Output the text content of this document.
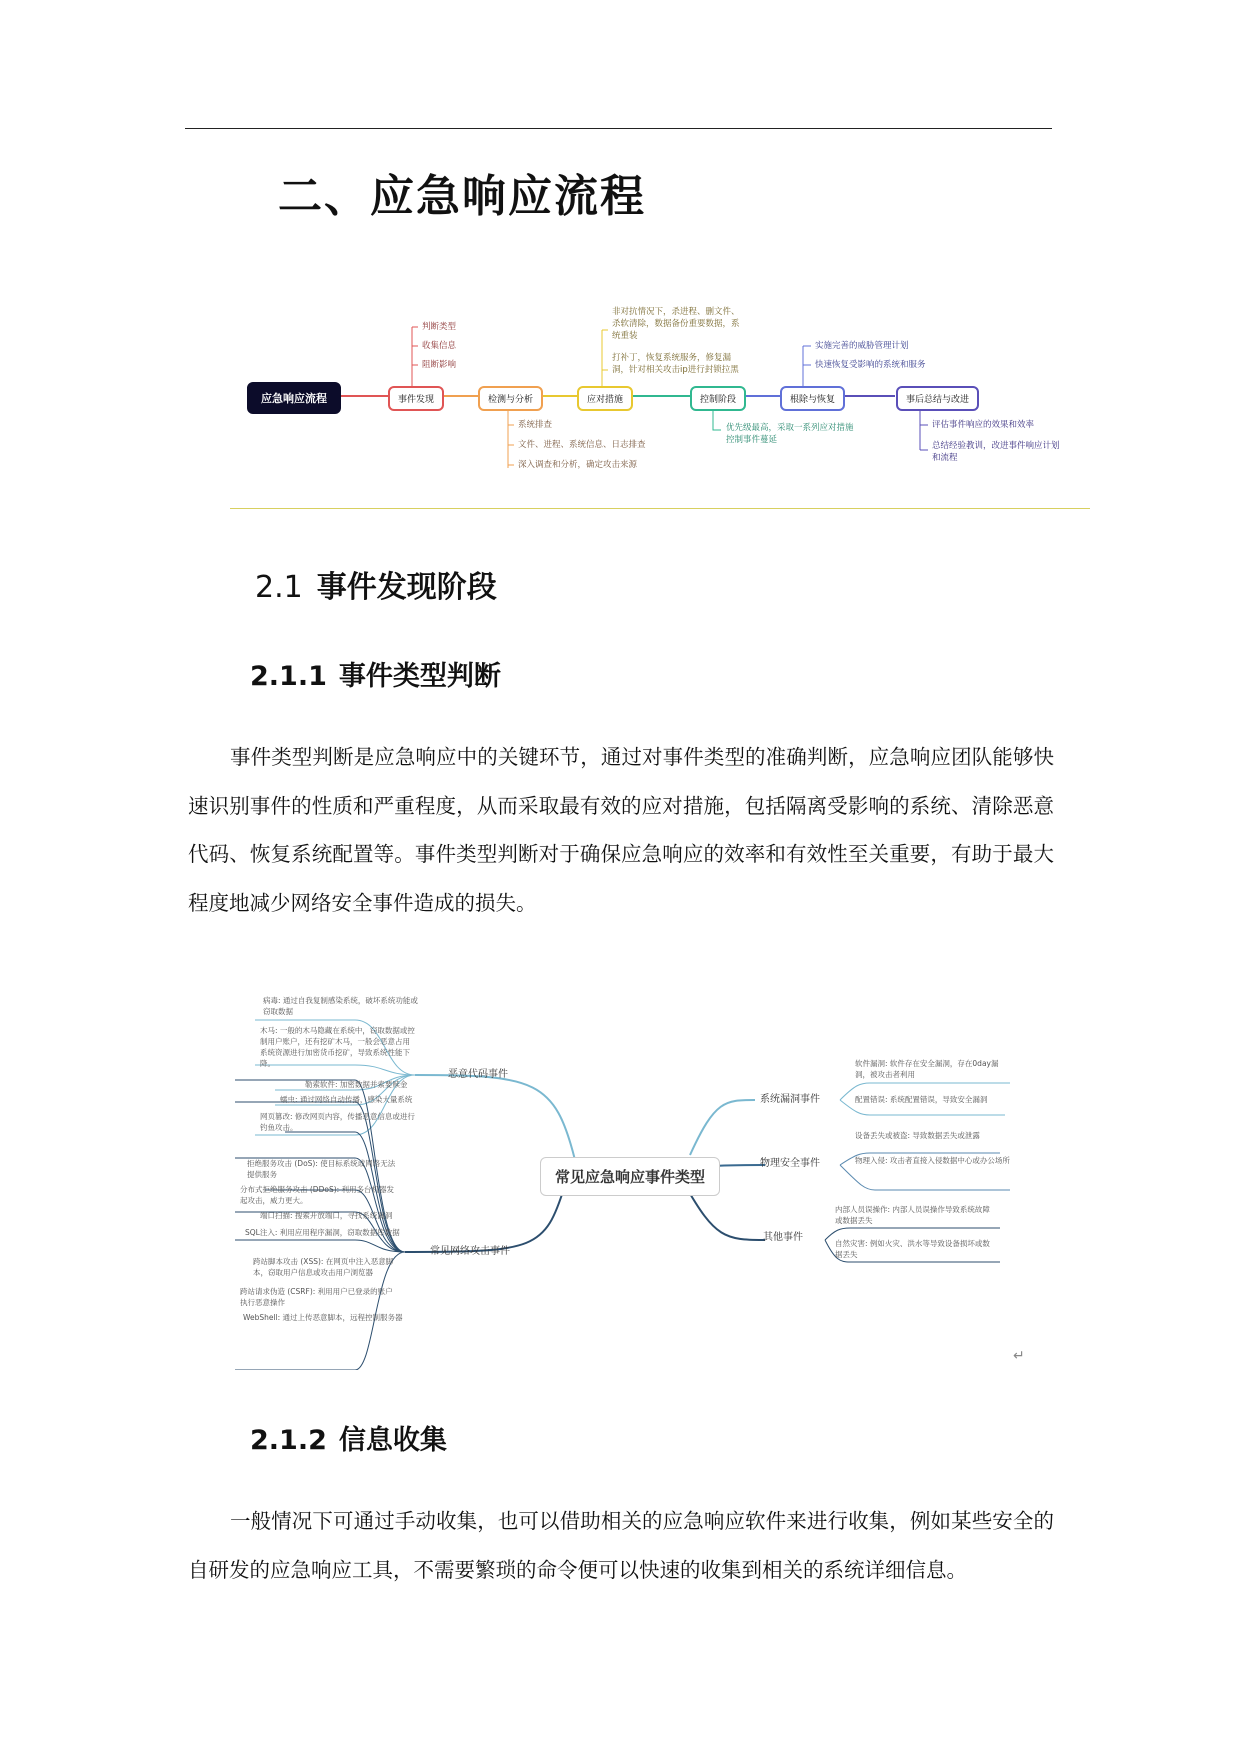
二、应急响应流程
应急响应流程	事件发现	检测与分析	应对措施	控制阶段	根除与恢复	事后总结与改进
判断类型
收集信息
阻断影响
系统排查
文件、进程、系统信息、日志排查
深入调查和分析，确定攻击来源
非对抗情况下，杀进程、删文件、杀软清除，数据备份重要数据，系统重装
打补丁，恢复系统服务，修复漏洞，针对相关攻击ip进行封锁拉黑
优先级最高，采取一系列应对措施控制事件蔓延
实施完善的威胁管理计划
快速恢复受影响的系统和服务
评估事件响应的效果和效率
总结经验教训，改进事件响应计划和流程
2.1 事件发现阶段
2.1.1 事件类型判断
事件类型判断是应急响应中的关键环节，通过对事件类型的准确判断，应急响应团队能够快速识别事件的性质和严重程度，从而采取最有效的应对措施，包括隔离受影响的系统、清除恶意代码、恢复系统配置等。事件类型判断对于确保应急响应的效率和有效性至关重要，有助于最大程度地减少网络安全事件造成的损失。
常见应急响应事件类型
恶意代码事件
常见网络攻击事件
系统漏洞事件
物理安全事件
其他事件
病毒: 通过自我复制感染系统，破坏系统功能或窃取数据
木马: 一般的木马隐藏在系统中，窃取数据或控制用户账户，还有挖矿木马，一般会恶意占用系统资源进行加密货币挖矿，导致系统性能下降。
勒索软件: 加密数据并索要赎金
蠕虫: 通过网络自动传播，感染大量系统
网页篡改: 修改网页内容，传播恶意信息或进行钓鱼攻击。
拒绝服务攻击 (DoS): 使目标系统或网络无法提供服务
分布式拒绝服务攻击 (DDoS): 利用多台机器发起攻击，威力更大。
端口扫描: 搜索开放端口，寻找系统漏洞
SQL注入: 利用应用程序漏洞，窃取数据库数据
跨站脚本攻击 (XSS): 在网页中注入恶意脚本，窃取用户信息或攻击用户浏览器
跨站请求伪造 (CSRF): 利用用户已登录的账户执行恶意操作
WebShell: 通过上传恶意脚本，远程控制服务器
软件漏洞: 软件存在安全漏洞，存在0day漏洞，被攻击者利用
配置错误: 系统配置错误，导致安全漏洞
设备丢失或被盗: 导致数据丢失或泄露
物理入侵: 攻击者直接入侵数据中心或办公场所
内部人员误操作: 内部人员误操作导致系统故障或数据丢失
自然灾害: 例如火灾、洪水等导致设备损坏或数据丢失
↵
2.1.2 信息收集
一般情况下可通过手动收集，也可以借助相关的应急响应软件来进行收集，例如某些安全的自研发的应急响应工具，不需要繁琐的命令便可以快速的收集到相关的系统详细信息。
